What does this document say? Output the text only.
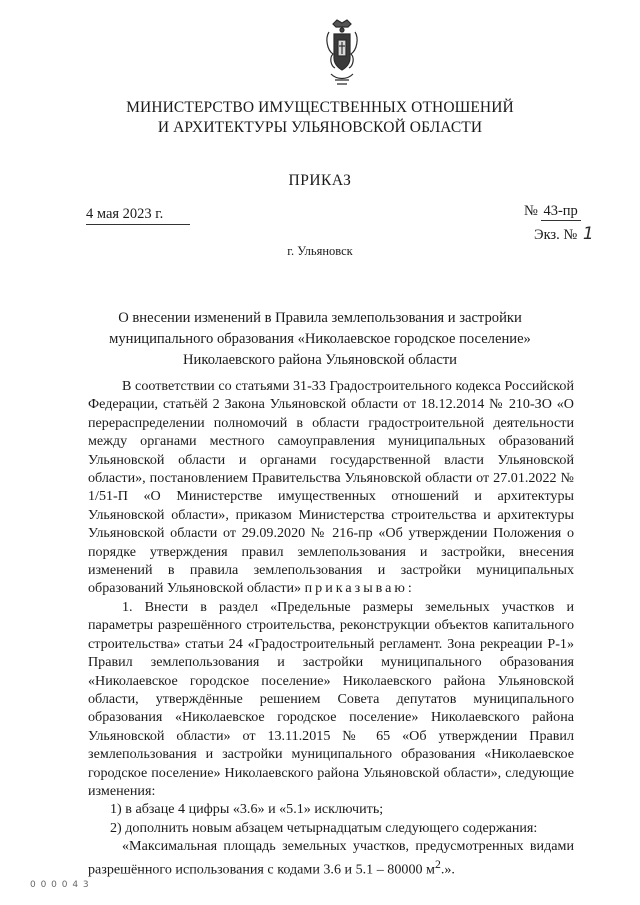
МИНИСТЕРСТВО ИМУЩЕСТВЕННЫХ ОТНОШЕНИЙ
И АРХИТЕКТУРЫ УЛЬЯНОВСКОЙ ОБЛАСТИ
ПРИКАЗ
4 мая 2023 г.	№ 43-пр
Экз. № 1
г. Ульяновск
О внесении изменений в Правила землепользования и застройки
муниципального образования «Николаевское городское поселение»
Николаевского района Ульяновской области

В соответствии со статьями 31-33 Градостроительного кодекса Российской Федерации, статьёй 2 Закона Ульяновской области от 18.12.2014 № 210-ЗО «О перераспределении полномочий в области градостроительной деятельности между органами местного самоуправления муниципальных образований Ульяновской области и органами государственной власти Ульяновской области», постановлением Правительства Ульяновской области от 27.01.2022 № 1/51-П «О Министерстве имущественных отношений и архитектуры Ульяновской области», приказом Министерства строительства и архитектуры Ульяновской области от 29.09.2020 № 216-пр «Об утверждении Положения о порядке утверждения правил землепользования и застройки, внесения изменений в правила землепользования и застройки муниципальных образований Ульяновской области» приказываю:

1. Внести в раздел «Предельные размеры земельных участков и параметры разрешённого строительства, реконструкции объектов капитального строительства» статьи 24 «Градостроительный регламент. Зона рекреации Р-1» Правил землепользования и застройки муниципального образования «Николаевское городское поселение» Николаевского района Ульяновской области, утверждённые решением Совета депутатов муниципального образования «Николаевское городское поселение» Николаевского района Ульяновской области» от 13.11.2015 № 65 «Об утверждении Правил землепользования и застройки муниципального образования «Николаевское городское поселение» Николаевского района Ульяновской области», следующие изменения:

1) в абзаце 4 цифры «3.6» и «5.1» исключить;

2) дополнить новым абзацем четырнадцатым следующего содержания:

«Максимальная площадь земельных участков, предусмотренных видами разрешённого использования с кодами 3.6 и 5.1 – 80000 $м^2$.».

0 0 0 0 4 3
